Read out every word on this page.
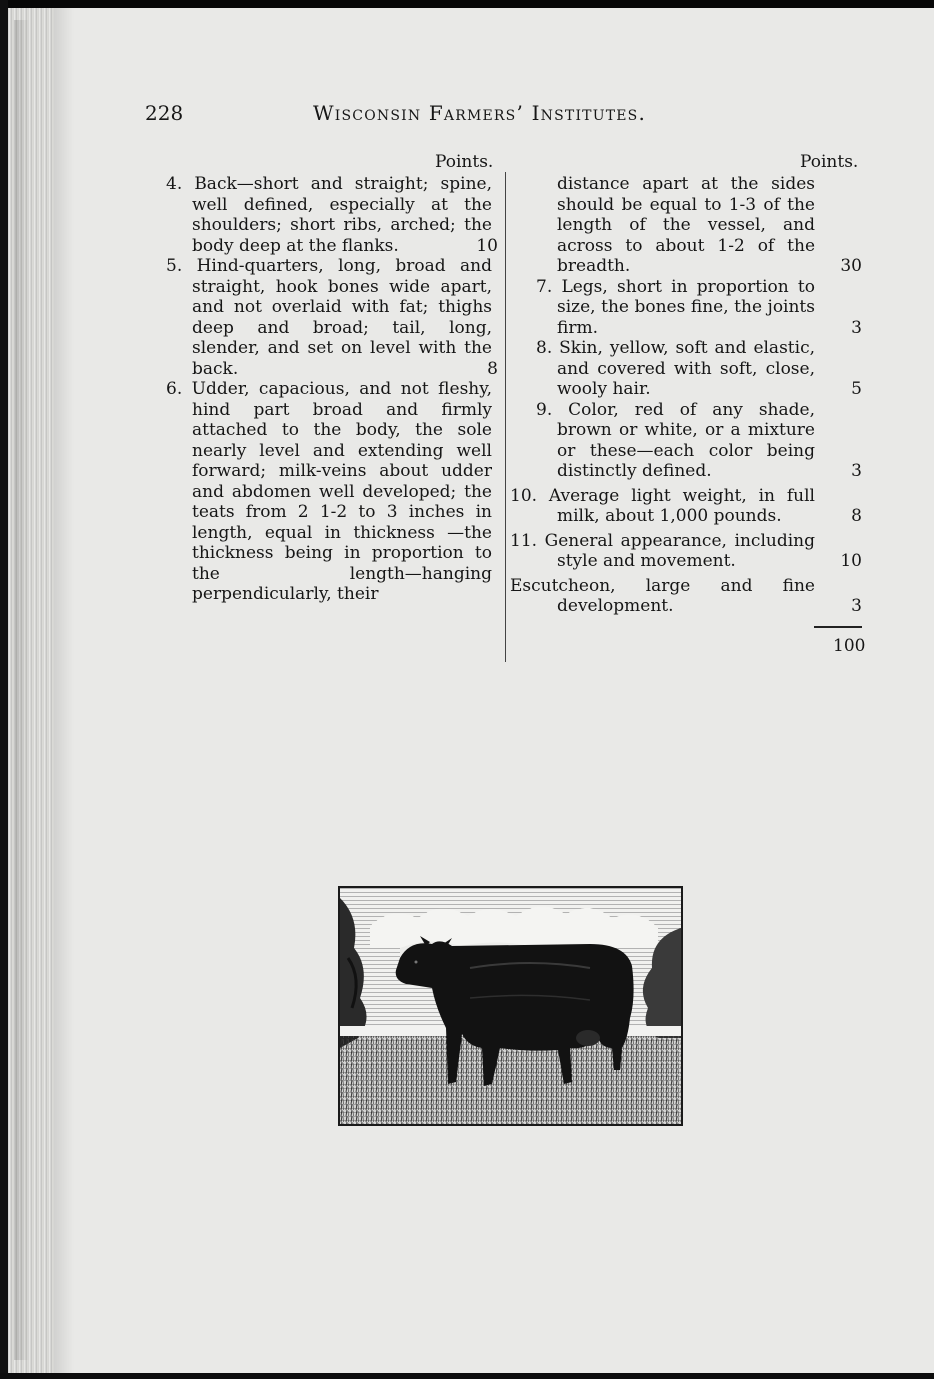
228	Wisconsin Farmers’ Institutes.
Points.	Points.
4. Back—short and straight; spine, well defined, especially at the shoulders; short ribs, arched; the body deep at the flanks.	10
5. Hind-quarters, long, broad and straight, hook bones wide apart, and not overlaid with fat; thighs deep and broad; tail, long, slender, and set on level with the back.	8
6. Udder, capacious, and not fleshy, hind part broad and firmly attached to the body, the sole nearly level and extending well forward; milk-veins about udder and abdomen well developed; the teats from 2 1-2 to 3 inches in length, equal in thickness —the thickness being in proportion to the length—hanging perpendicularly, their
distance apart at the sides should be equal to 1-3 of the length of the vessel, and across to about 1-2 of the breadth.	30
7. Legs, short in proportion to size, the bones fine, the joints firm.	3
8. Skin, yellow, soft and elastic, and covered with soft, close, wooly hair.	5
9. Color, red of any shade, brown or white, or a mixture or these—each color being distinctly defined.	3
10. Average light weight, in full milk, about 1,000 pounds.	8
11. General appearance, including style and movement.	10
Escutcheon, large and fine development.	3
100
